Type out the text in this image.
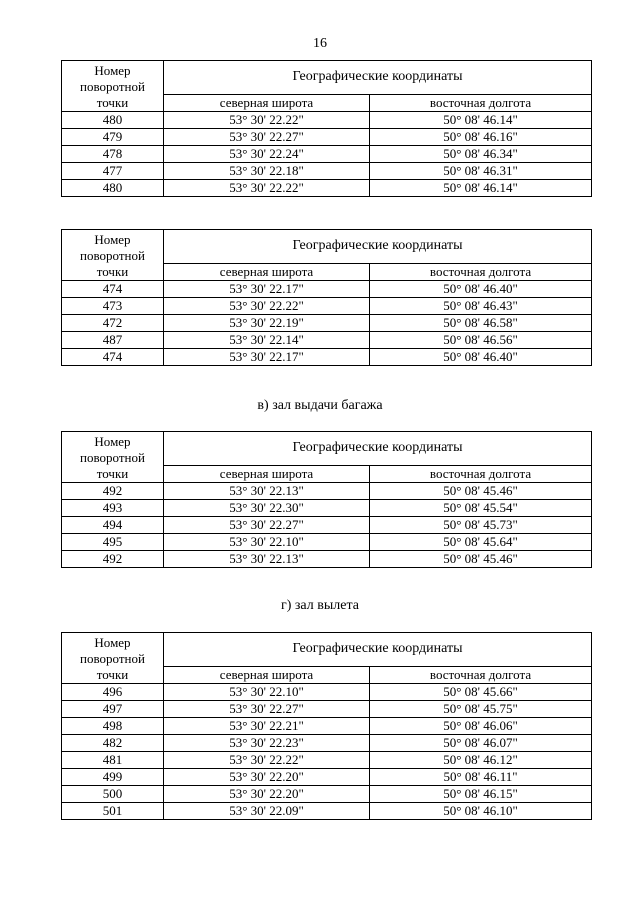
16
Номер
поворотной
точки	Географические координаты	
	северная широта	восточная долгота
480	53° 30' 22.22"	50° 08' 46.14"
479	53° 30' 22.27"	50° 08' 46.16"
478	53° 30' 22.24"	50° 08' 46.34"
477	53° 30' 22.18"	50° 08' 46.31"
480	53° 30' 22.22"	50° 08' 46.14"
Номер
поворотной
точки	Географические координаты	
	северная широта	восточная долгота
474	53° 30' 22.17"	50° 08' 46.40"
473	53° 30' 22.22"	50° 08' 46.43"
472	53° 30' 22.19"	50° 08' 46.58"
487	53° 30' 22.14"	50° 08' 46.56"
474	53° 30' 22.17"	50° 08' 46.40"
в) зал выдачи багажа
Номер
поворотной
точки	Географические координаты	
	северная широта	восточная долгота
492	53° 30' 22.13"	50° 08' 45.46"
493	53° 30' 22.30"	50° 08' 45.54"
494	53° 30' 22.27"	50° 08' 45.73"
495	53° 30' 22.10"	50° 08' 45.64"
492	53° 30' 22.13"	50° 08' 45.46"
г) зал вылета
Номер
поворотной
точки	Географические координаты	
	северная широта	восточная долгота
496	53° 30' 22.10"	50° 08' 45.66"
497	53° 30' 22.27"	50° 08' 45.75"
498	53° 30' 22.21"	50° 08' 46.06"
482	53° 30' 22.23"	50° 08' 46.07"
481	53° 30' 22.22"	50° 08' 46.12"
499	53° 30' 22.20"	50° 08' 46.11"
500	53° 30' 22.20"	50° 08' 46.15"
501	53° 30' 22.09"	50° 08' 46.10"
